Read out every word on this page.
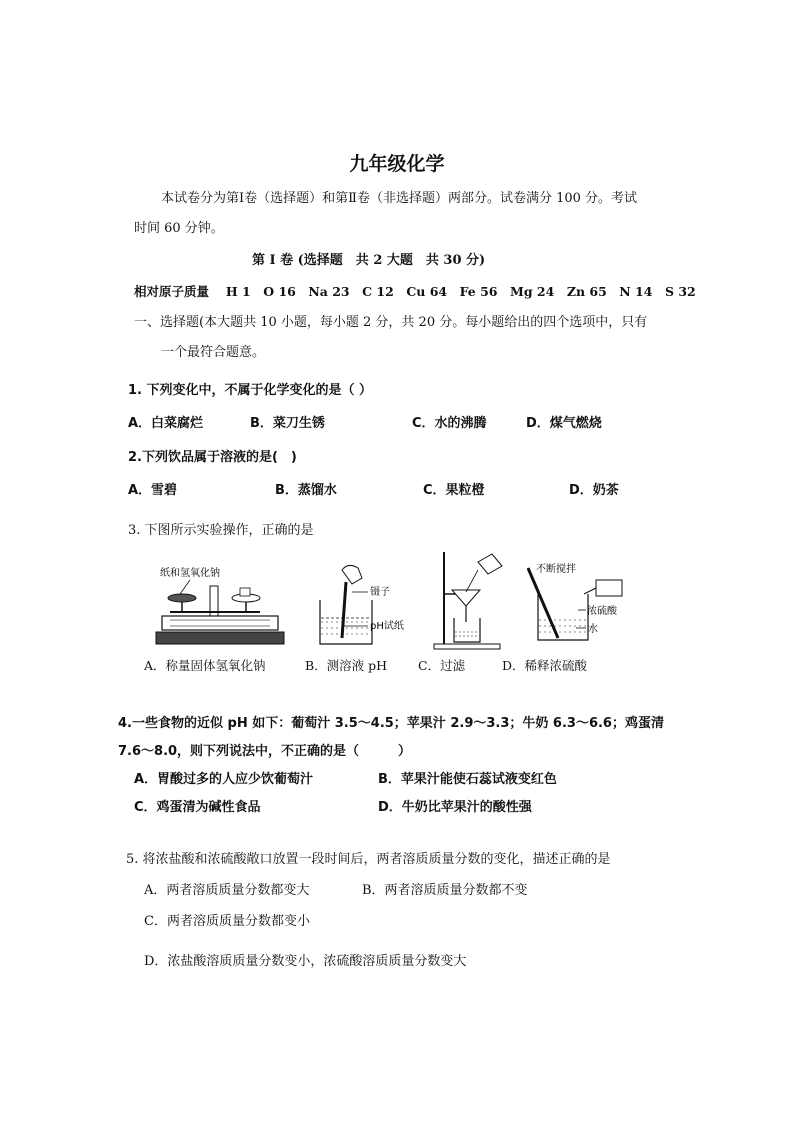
九年级化学
本试卷分为第Ⅰ卷（选择题）和第Ⅱ卷（非选择题）两部分。试卷满分 100 分。考试
时间 60 分钟。
第 Ⅰ 卷 (选择题　共 2 大题　共 30 分)
相对原子质量　 H 1　O 16　Na 23　C 12　Cu 64　Fe 56　Mg 24　Zn 65　N 14　S 32
一、选择题(本大题共 10 小题，每小题 2 分，共 20 分。每小题给出的四个选项中，只有
一个最符合题意。
1. 下列变化中，不属于化学变化的是（ ）
A．白菜腐烂	B．菜刀生锈	C．水的沸腾	D．煤气燃烧
2.下列饮品属于溶液的是(　)
A．雪碧	B．蒸馏水	C．果粒橙	D．奶茶
3. 下图所示实验操作，正确的是
纸和氢氧化钠
镊子
pH试纸
不断搅拌
浓硫酸
水
A．称量固体氢氧化钠	B．测溶液 pH C．过滤	D．稀释浓硫酸
4.一些食物的近似 pH 如下：葡萄汁 3.5～4.5；苹果汁 2.9～3.3；牛奶 6.3～6.6；鸡蛋清
7.6～8.0，则下列说法中，不正确的是（　　　）
A．胃酸过多的人应少饮葡萄汁	B．苹果汁能使石蕊试液变红色
C．鸡蛋清为碱性食品	D．牛奶比苹果汁的酸性强
5. 将浓盐酸和浓硫酸敞口放置一段时间后，两者溶质质量分数的变化，描述正确的是
A．两者溶质质量分数都变大	B．两者溶质质量分数都不变
C．两者溶质质量分数都变小
D．浓盐酸溶质质量分数变小，浓硫酸溶质质量分数变大
